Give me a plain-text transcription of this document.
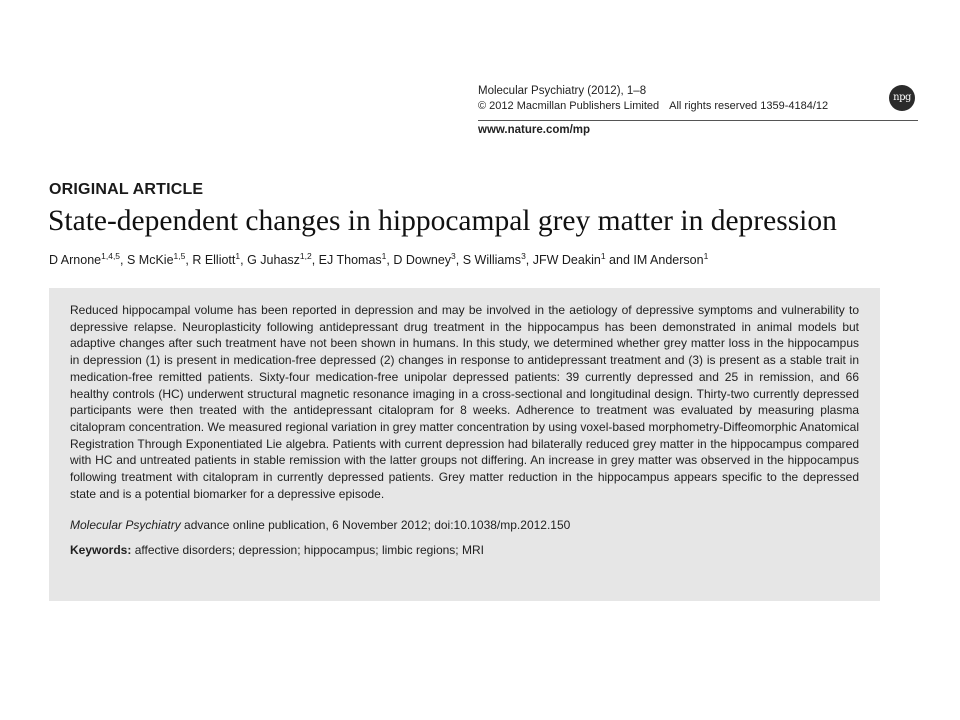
Molecular Psychiatry (2012), 1–8
© 2012 Macmillan Publishers Limited All rights reserved 1359-4184/12
npg
www.nature.com/mp
ORIGINAL ARTICLE
State-dependent changes in hippocampal grey matter in depression
D Arnone$^{1,4,5}$, S McKie$^{1,5}$, R Elliott$^1$, G Juhasz$^{1,2}$, EJ Thomas$^1$, D Downey$^3$, S Williams$^3$, JFW Deakin$^1$ and IM Anderson$^1$

Reduced hippocampal volume has been reported in depression and may be involved in the aetiology of depressive symptoms and vulnerability to depressive relapse. Neuroplasticity following antidepressant drug treatment in the hippocampus has been demonstrated in animal models but adaptive changes after such treatment have not been shown in humans. In this study, we determined whether grey matter loss in the hippocampus in depression (1) is present in medication-free depressed (2) changes in response to antidepressant treatment and (3) is present as a stable trait in medication-free remitted patients. Sixty-four medication-free unipolar depressed patients: 39 currently depressed and 25 in remission, and 66 healthy controls (HC) underwent structural magnetic resonance imaging in a cross-sectional and longitudinal design. Thirty-two currently depressed participants were then treated with the antidepressant citalopram for 8 weeks. Adherence to treatment was evaluated by measuring plasma citalopram concentration. We measured regional variation in grey matter concentration by using voxel-based morphometry-Diffeomorphic Anatomical Registration Through Exponentiated Lie algebra. Patients with current depression had bilaterally reduced grey matter in the hippocampus compared with HC and untreated patients in stable remission with the latter groups not differing. An increase in grey matter was observed in the hippocampus following treatment with citalopram in currently depressed patients. Grey matter reduction in the hippocampus appears specific to the depressed state and is a potential biomarker for a depressive episode.

Molecular Psychiatry advance online publication, 6 November 2012; doi:10.1038/mp.2012.150

Keywords: affective disorders; depression; hippocampus; limbic regions; MRI
